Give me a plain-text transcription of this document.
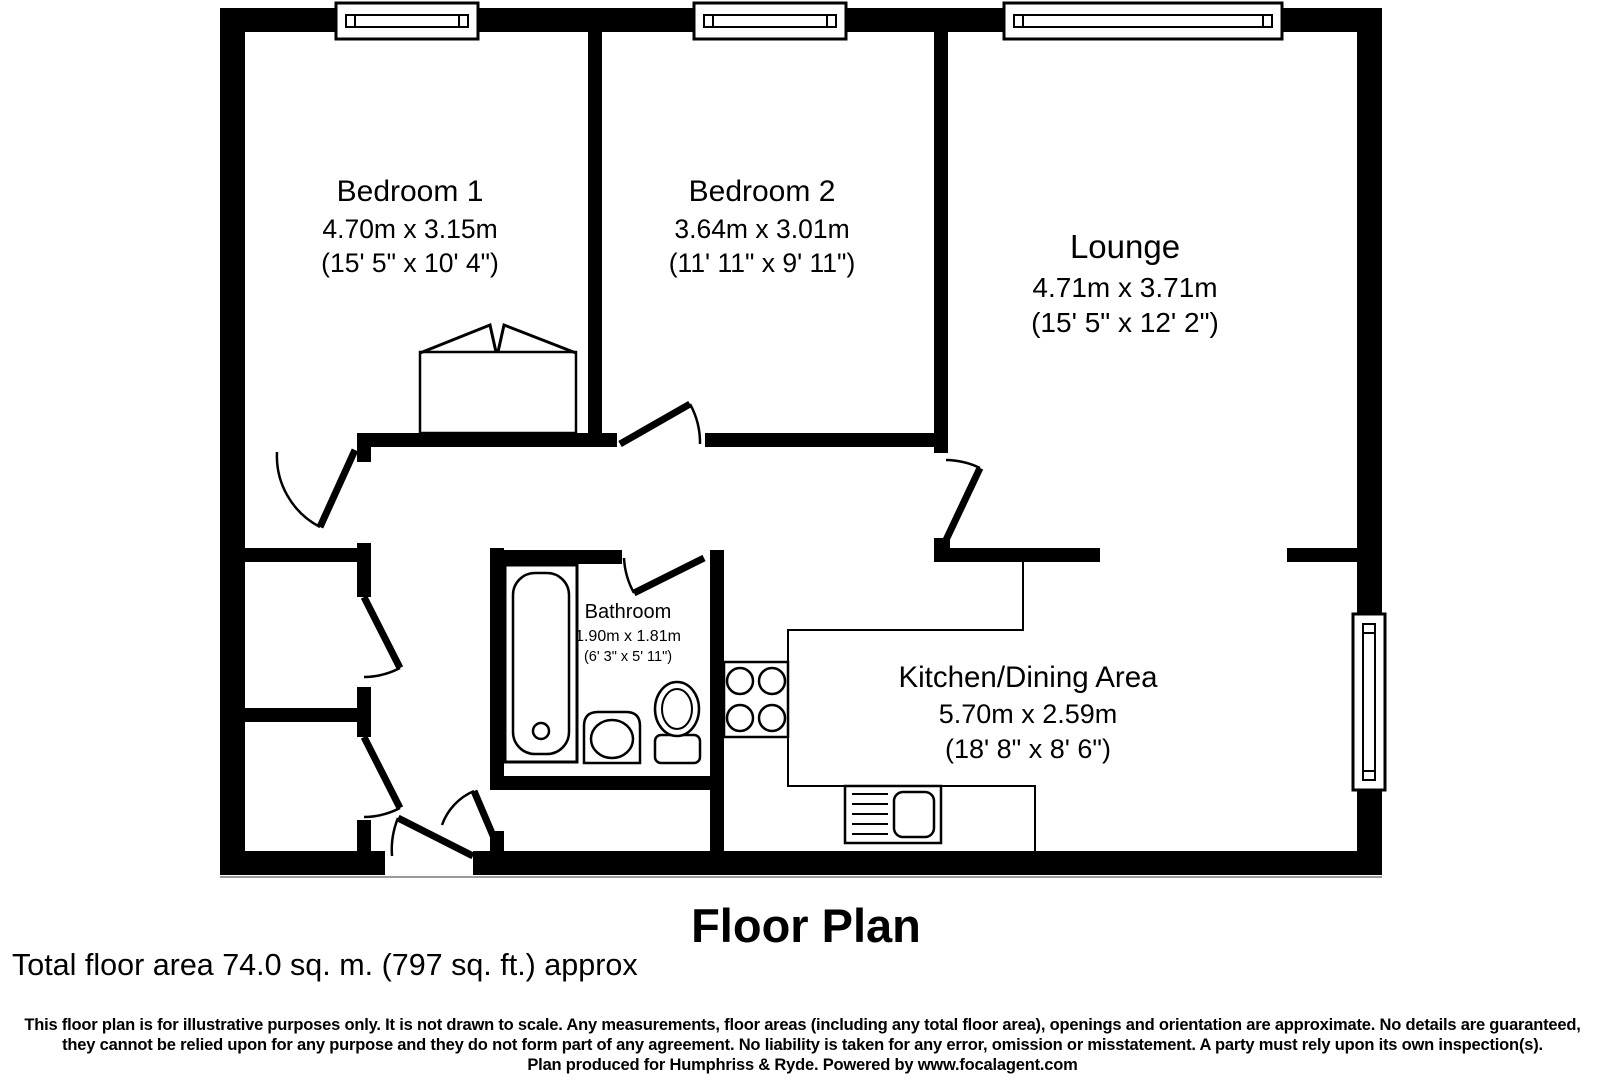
Bedroom 1
4.70m x 3.15m
(15' 5" x 10' 4")
Bedroom 2
3.64m x 3.01m
(11' 11" x 9' 11")	Lounge
4.71m x 3.71m
(15' 5" x 12' 2")
Bathroom
1.90m x 1.81m
(6' 3" x 5' 11")
Kitchen/Dining Area
5.70m x 2.59m
(18' 8" x 8' 6")
Floor Plan
Total floor area 74.0 sq. m. (797 sq. ft.) approx
This floor plan is for illustrative purposes only. It is not drawn to scale. Any measurements, floor areas (including any total floor area), openings and orientation are approximate. No details are guaranteed,
they cannot be relied upon for any purpose and they do not form part of any agreement. No liability is taken for any error, omission or misstatement. A party must rely upon its own inspection(s).
Plan produced for Humphriss & Ryde. Powered by www.focalagent.com
